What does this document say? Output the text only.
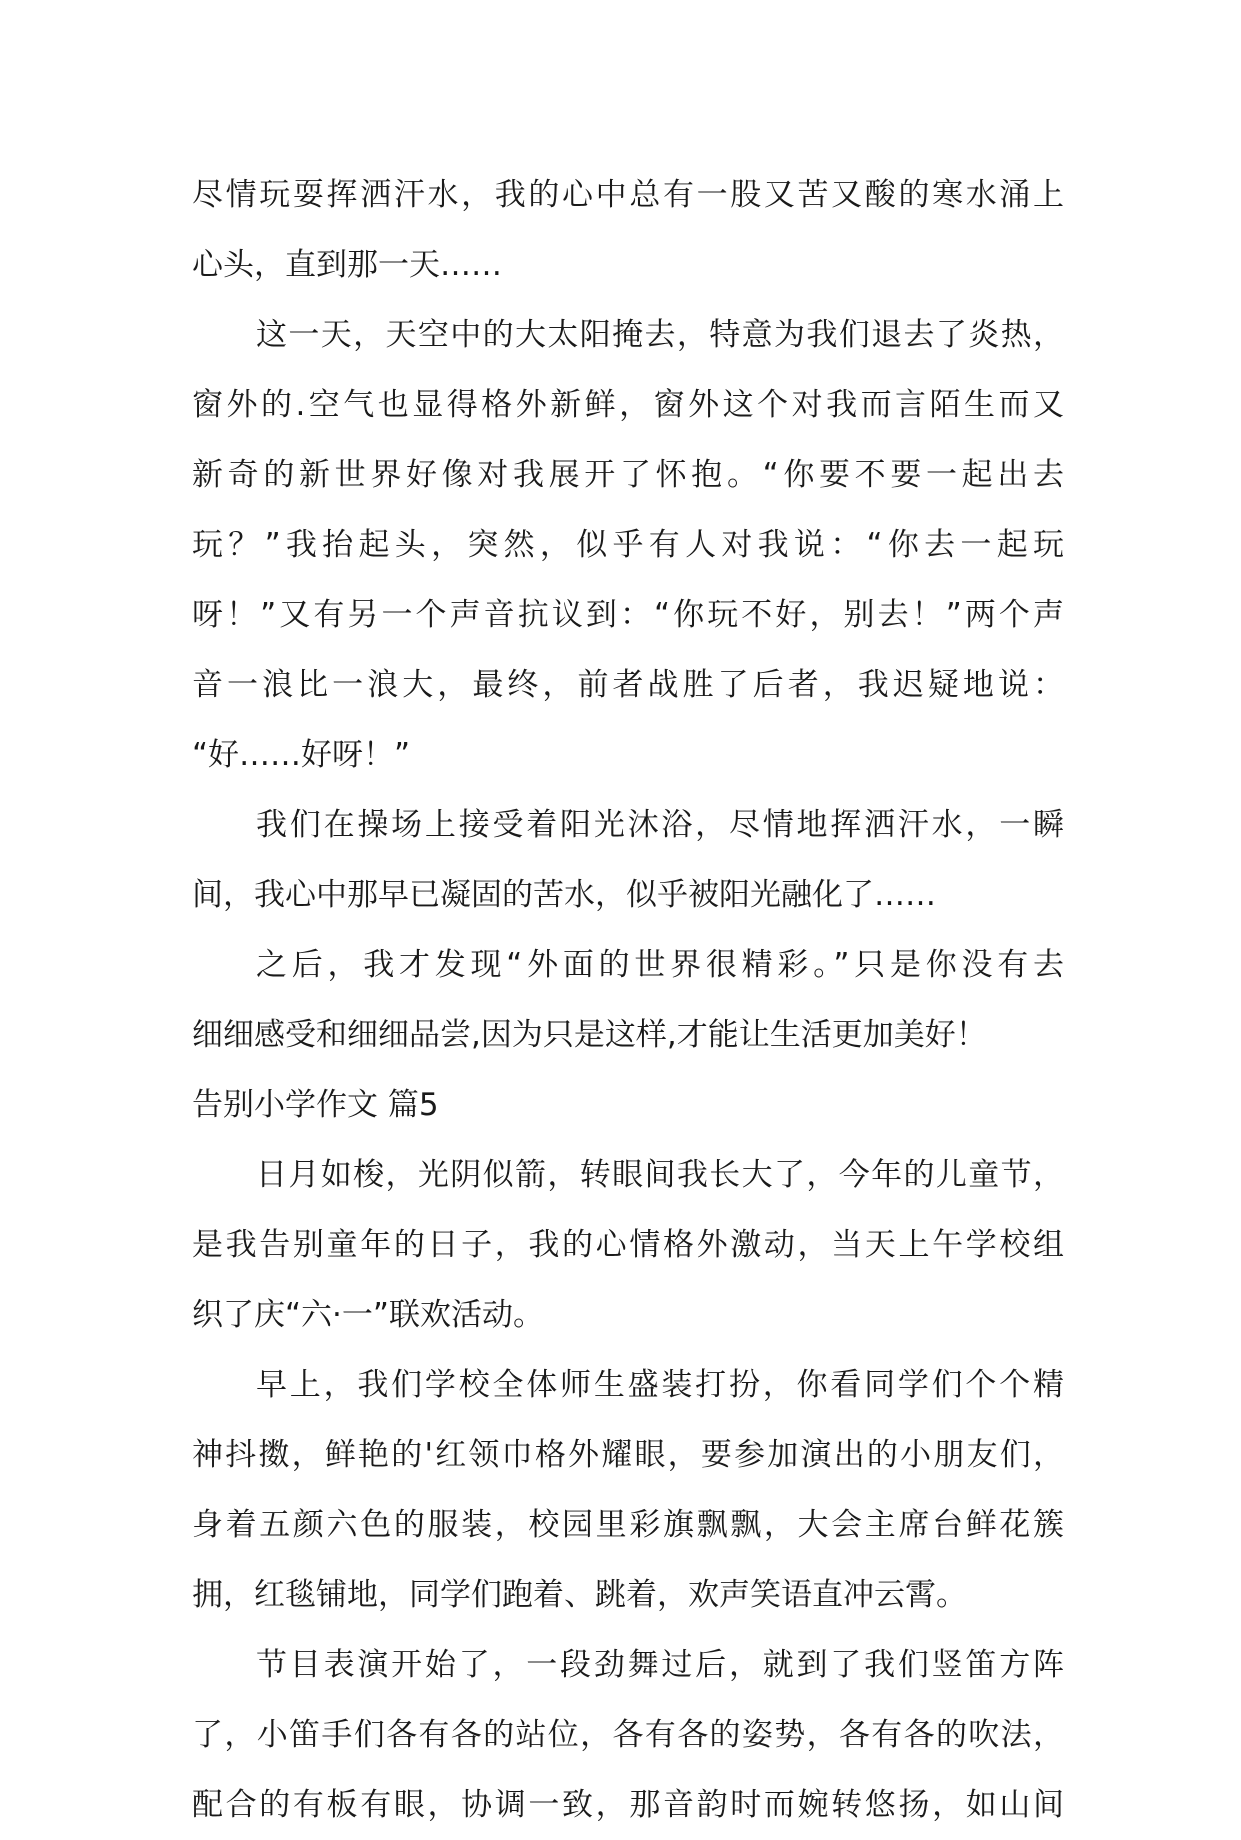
尽情玩耍挥洒汗水，我的心中总有一股又苦又酸的寒水涌上
心头，直到那一天……
这一天，天空中的大太阳掩去，特意为我们退去了炎热，
窗外的.空气也显得格外新鲜，窗外这个对我而言陌生而又
新奇的新世界好像对我展开了怀抱。“你要不要一起出去
玩？”我抬起头，突然，似乎有人对我说：“你去一起玩
呀！”又有另一个声音抗议到：“你玩不好，别去！”两个声
音一浪比一浪大，最终，前者战胜了后者，我迟疑地说：
“好……好呀！”
我们在操场上接受着阳光沐浴，尽情地挥洒汗水，一瞬
间，我心中那早已凝固的苦水，似乎被阳光融化了……
之后，我才发现“外面的世界很精彩。”只是你没有去
细细感受和细细品尝,因为只是这样,才能让生活更加美好！
告别小学作文 篇5
日月如梭，光阴似箭，转眼间我长大了，今年的儿童节，
是我告别童年的日子，我的心情格外激动，当天上午学校组
织了庆“六·一”联欢活动。
早上，我们学校全体师生盛装打扮，你看同学们个个精
神抖擞，鲜艳的'红领巾格外耀眼，要参加演出的小朋友们，
身着五颜六色的服装，校园里彩旗飘飘，大会主席台鲜花簇
拥，红毯铺地，同学们跑着、跳着，欢声笑语直冲云霄。
节目表演开始了，一段劲舞过后，就到了我们竖笛方阵
了，小笛手们各有各的站位，各有各的姿势，各有各的吹法，
配合的有板有眼，协调一致，那音韵时而婉转悠扬，如山间
